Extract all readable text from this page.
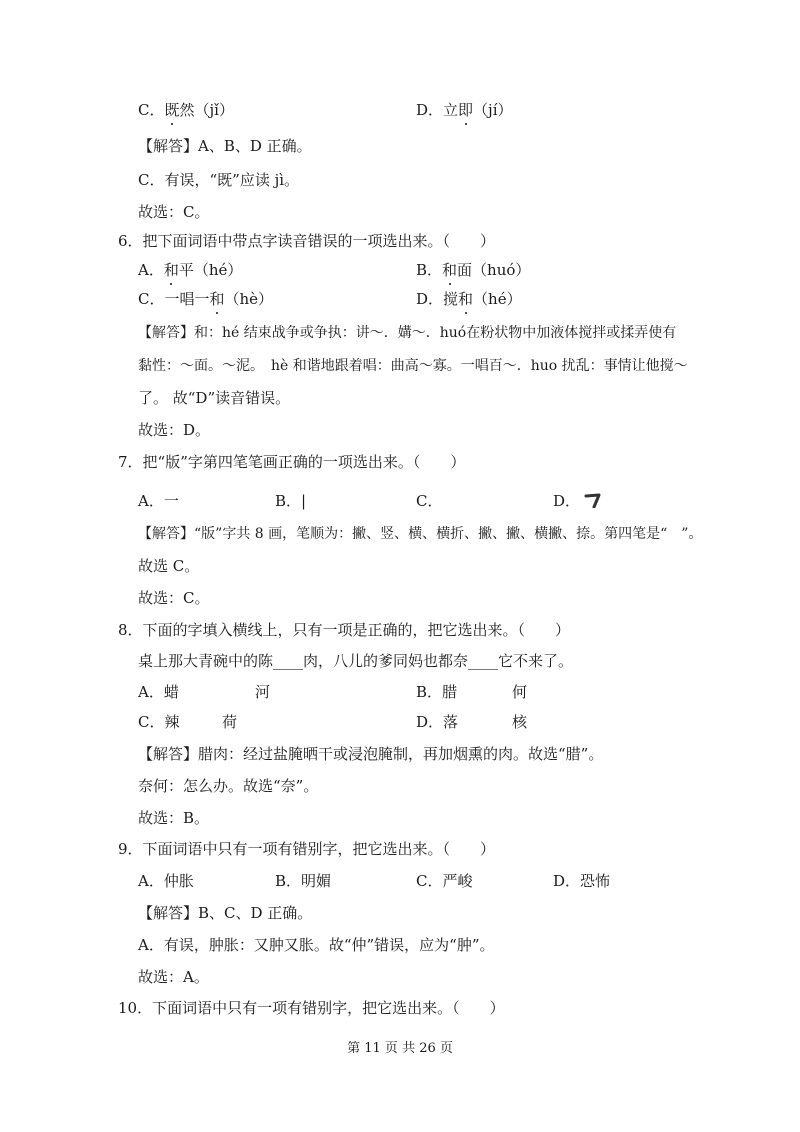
C．既然（jǐ）	D．立即（jí）
【解答】A、B、D 正确。
C．有误，“既”应读 jì。
故选：C。
6．把下面词语中带点字读音错误的一项选出来。（　　）
A．和平（hé）	B．和面（huó）
C．一唱一和（hè）	D．搅和（hé）
【解答】和：hé 结束战争或争执：讲～．媾～．huó在粉状物中加液体搅拌或揉弄使有
黏性：～面。～泥。　hè 和谐地跟着唱：曲高～寡。一唱百～．huo 扰乱：事情让他搅～
了。 故“D”读音错误。
故选：D。
7．把“版”字第四笔笔画正确的一项选出来。（　　）
A．一	B．|	C．	D．
【解答】“版”字共 8 画，笔顺为：撇、竖、横、横折、撇、撇、横撇、捺。第四笔是“　”。
故选 C。
故选：C。
8．下面的字填入横线上，只有一项是正确的，把它选出来。（　　）
桌上那大青碗中的陈____肉，八儿的爹同妈也都奈____它不来了。
A．蜡	河	B．腊	何
C．辣	荷	D．落	核
【解答】腊肉：经过盐腌晒干或浸泡腌制，再加烟熏的肉。故选“腊”。
奈何：怎么办。故选“奈”。
故选：B。
9．下面词语中只有一项有错别字，把它选出来。（　　）
A．仲胀	B．明媚	C．严峻	D．恐怖
【解答】B、C、D 正确。
A．有误，肿胀：又肿又胀。故“仲”错误，应为“肿”。
故选：A。
10．下面词语中只有一项有错别字，把它选出来。（　　）
第 11 页 共 26 页
